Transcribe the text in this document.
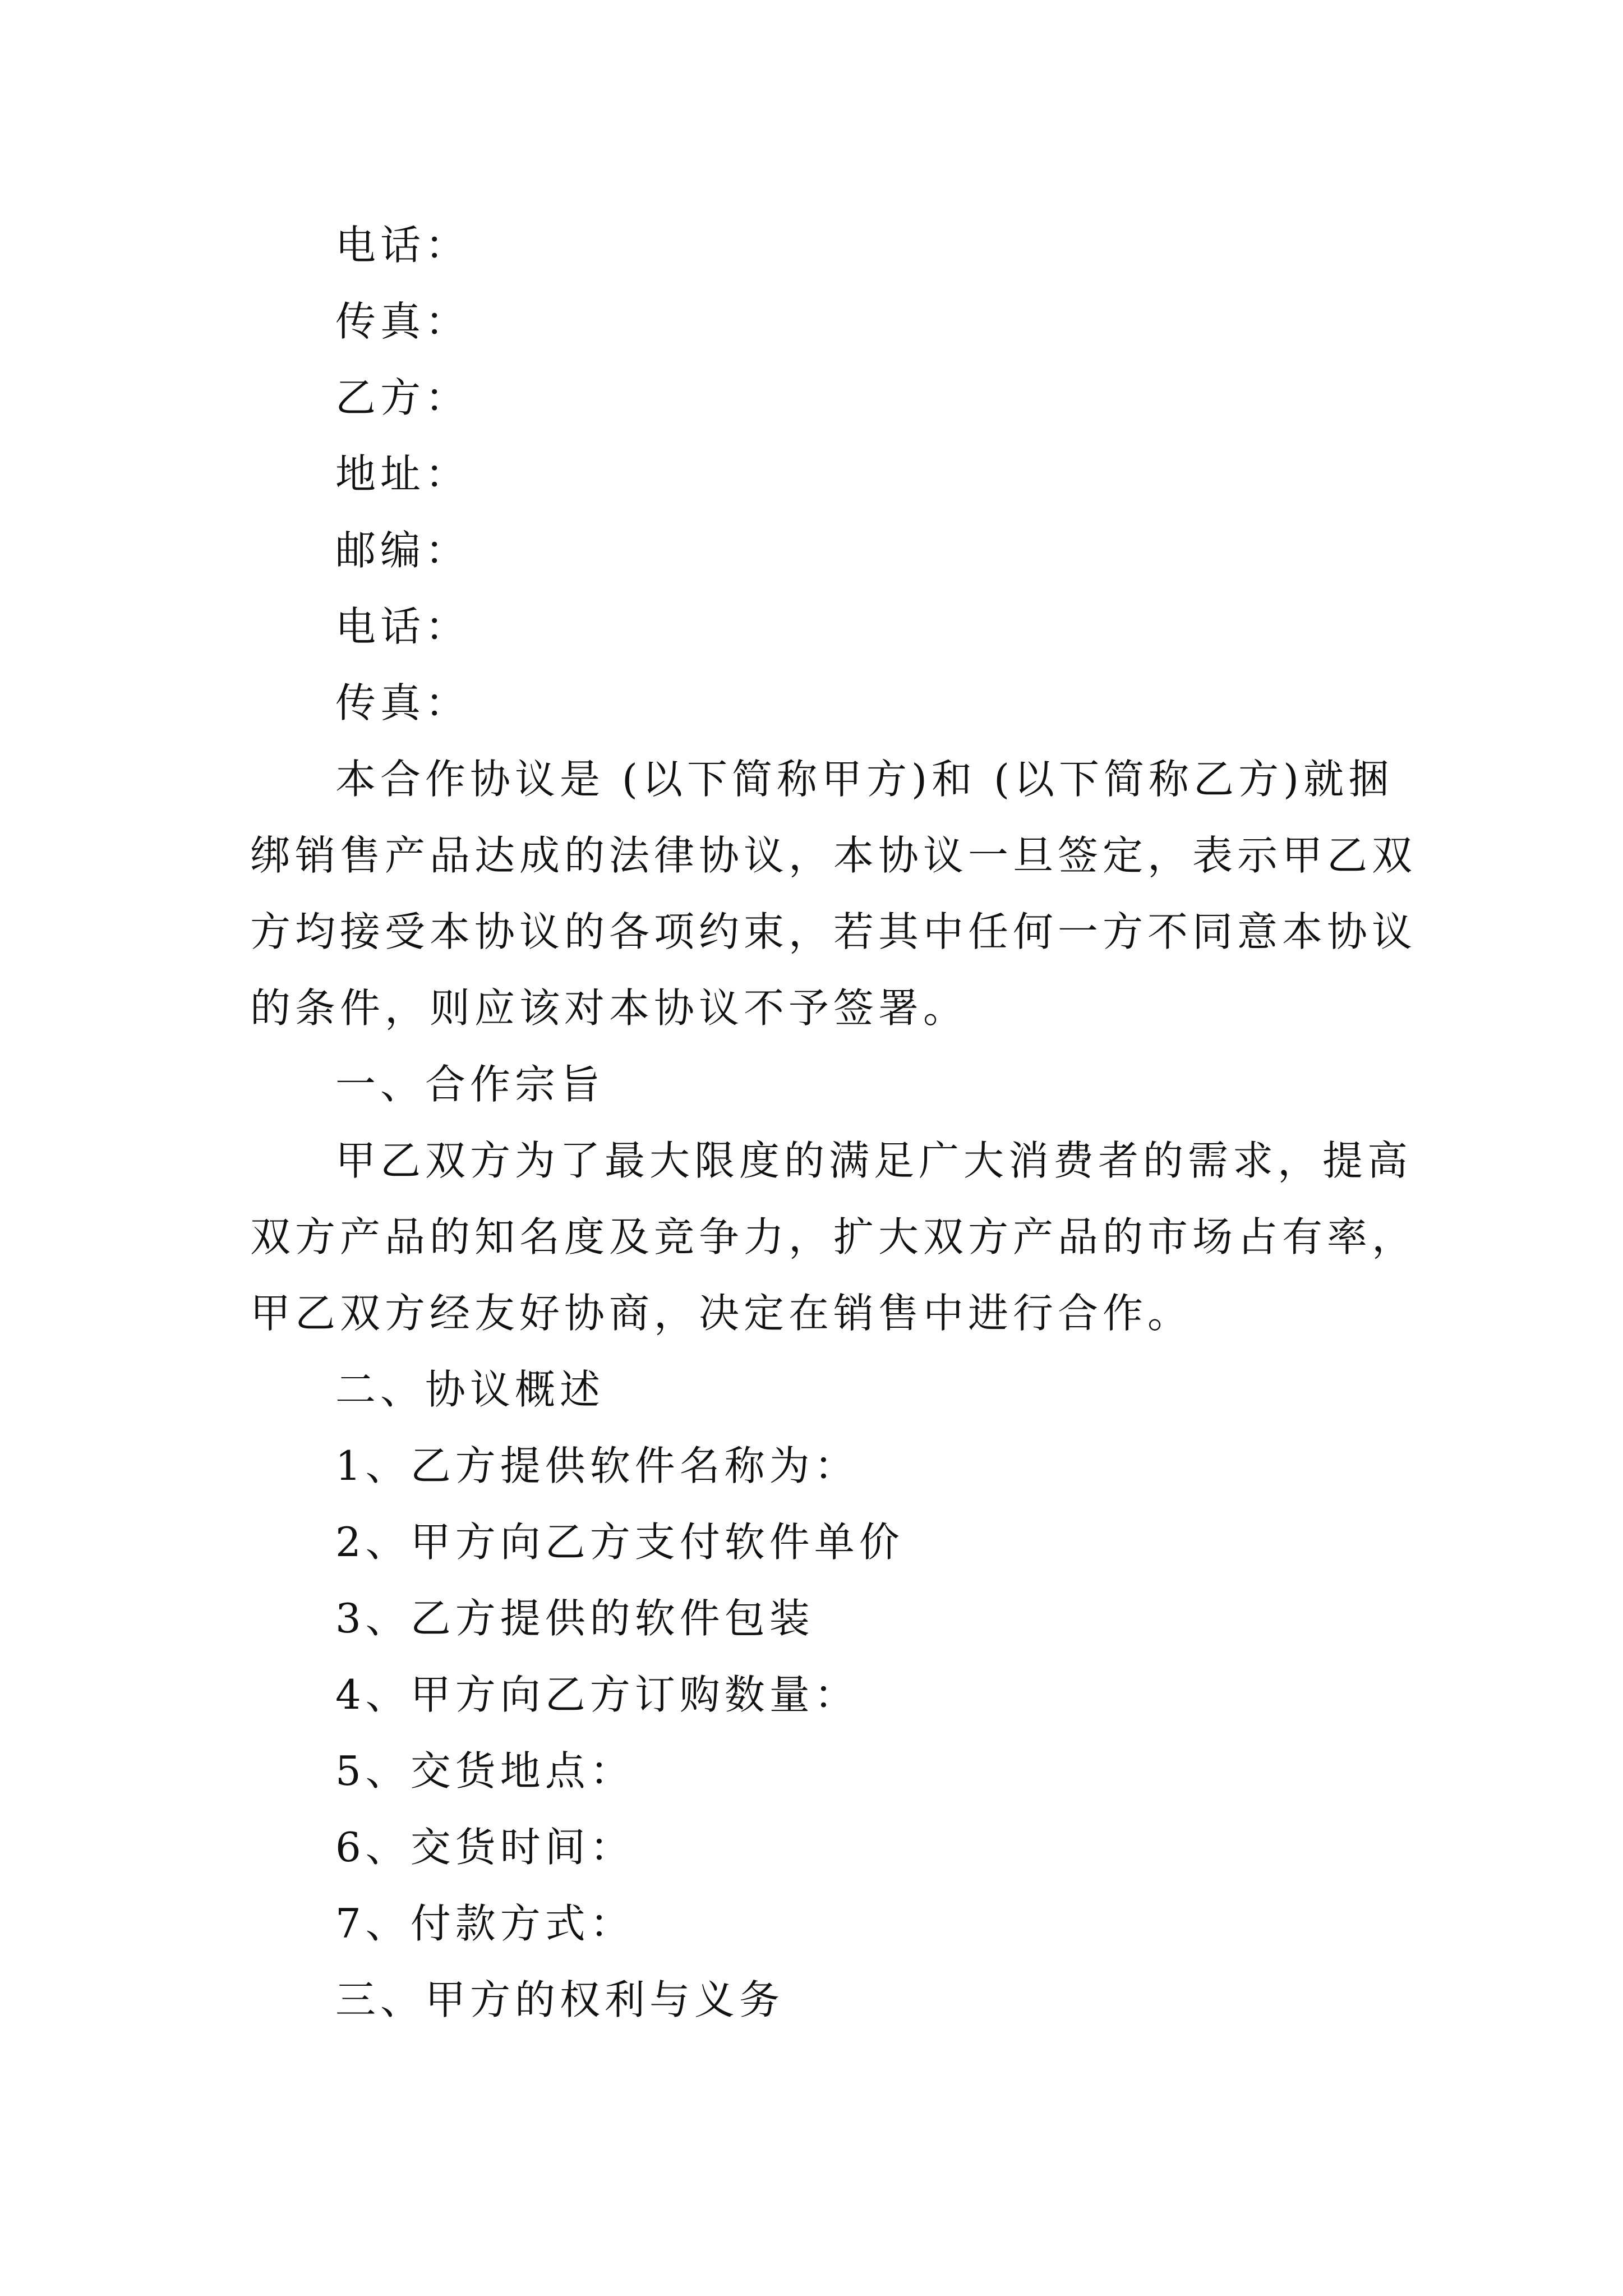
电话：
传真：
乙方：
地址：
邮编：
电话：
传真：
本合作协议是 (以下简称甲方)和 (以下简称乙方)就捆
绑销售产品达成的法律协议，本协议一旦签定，表示甲乙双
方均接受本协议的各项约束，若其中任何一方不同意本协议
的条件，则应该对本协议不予签署。
一、合作宗旨
甲乙双方为了最大限度的满足广大消费者的需求，提高
双方产品的知名度及竞争力，扩大双方产品的市场占有率，
甲乙双方经友好协商，决定在销售中进行合作。
二、协议概述
1、乙方提供软件名称为：
2、甲方向乙方支付软件单价
3、乙方提供的软件包装
4、甲方向乙方订购数量：
5、交货地点：
6、交货时间：
7、付款方式：
三、甲方的权利与义务
